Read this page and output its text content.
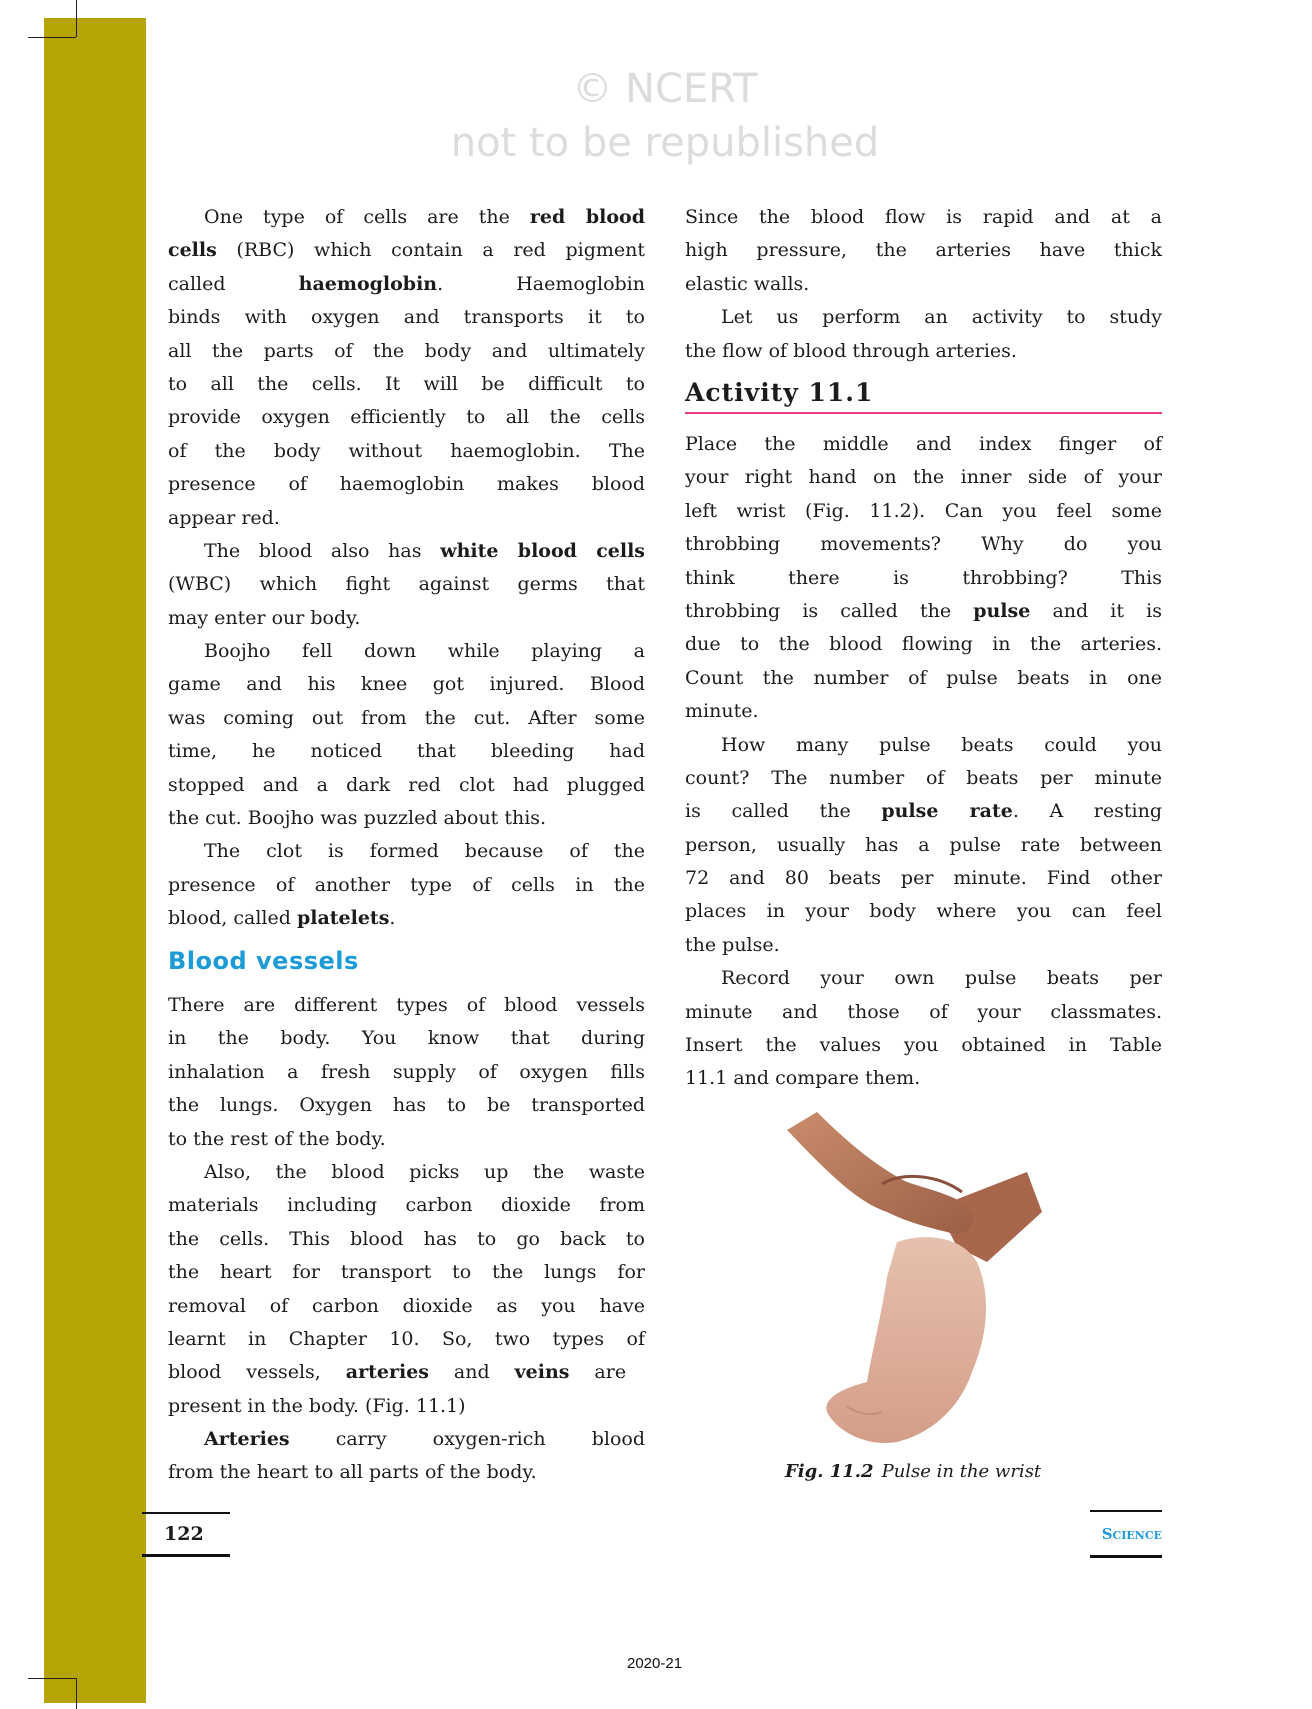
© NCERT
not to be republished
One type of cells are the red blood
cells (RBC) which contain a red pigment
called haemoglobin. Haemoglobin
binds with oxygen and transports it to
all the parts of the body and ultimately
to all the cells. It will be difficult to
provide oxygen efficiently to all the cells
of the body without haemoglobin. The
presence of haemoglobin makes blood
appear red.
The blood also has white blood cells
(WBC) which fight against germs that
may enter our body.
Boojho fell down while playing a
game and his knee got injured. Blood
was coming out from the cut. After some
time, he noticed that bleeding had
stopped and a dark red clot had plugged
the cut. Boojho was puzzled about this.
The clot is formed because of the
presence of another type of cells in the
blood, called platelets.
Blood vessels
There are different types of blood vessels
in the body. You know that during
inhalation a fresh supply of oxygen fills
the lungs. Oxygen has to be transported
to the rest of the body.
Also, the blood picks up the waste
materials including carbon dioxide from
the cells. This blood has to go back to
the heart for transport to the lungs for
removal of carbon dioxide as you have
learnt in Chapter 10. So, two types of
blood vessels, arteries and veins are
present in the body. (Fig. 11.1)
Arteries carry oxygen-rich blood
from the heart to all parts of the body.
Since the blood flow is rapid and at a
high pressure, the arteries have thick
elastic walls.
Let us perform an activity to study
the flow of blood through arteries.
Activity 11.1
Place the middle and index finger of
your right hand on the inner side of your
left wrist (Fig. 11.2). Can you feel some
throbbing movements? Why do you
think there is throbbing? This
throbbing is called the pulse and it is
due to the blood flowing in the arteries.
Count the number of pulse beats in one
minute.
How many pulse beats could you
count? The number of beats per minute
is called the pulse rate. A resting
person, usually has a pulse rate between
72 and 80 beats per minute. Find other
places in your body where you can feel
the pulse.
Record your own pulse beats per
minute and those of your classmates.
Insert the values you obtained in Table
11.1 and compare them.
Fig. 11.2 Pulse in the wrist
122	Science
2020-21
